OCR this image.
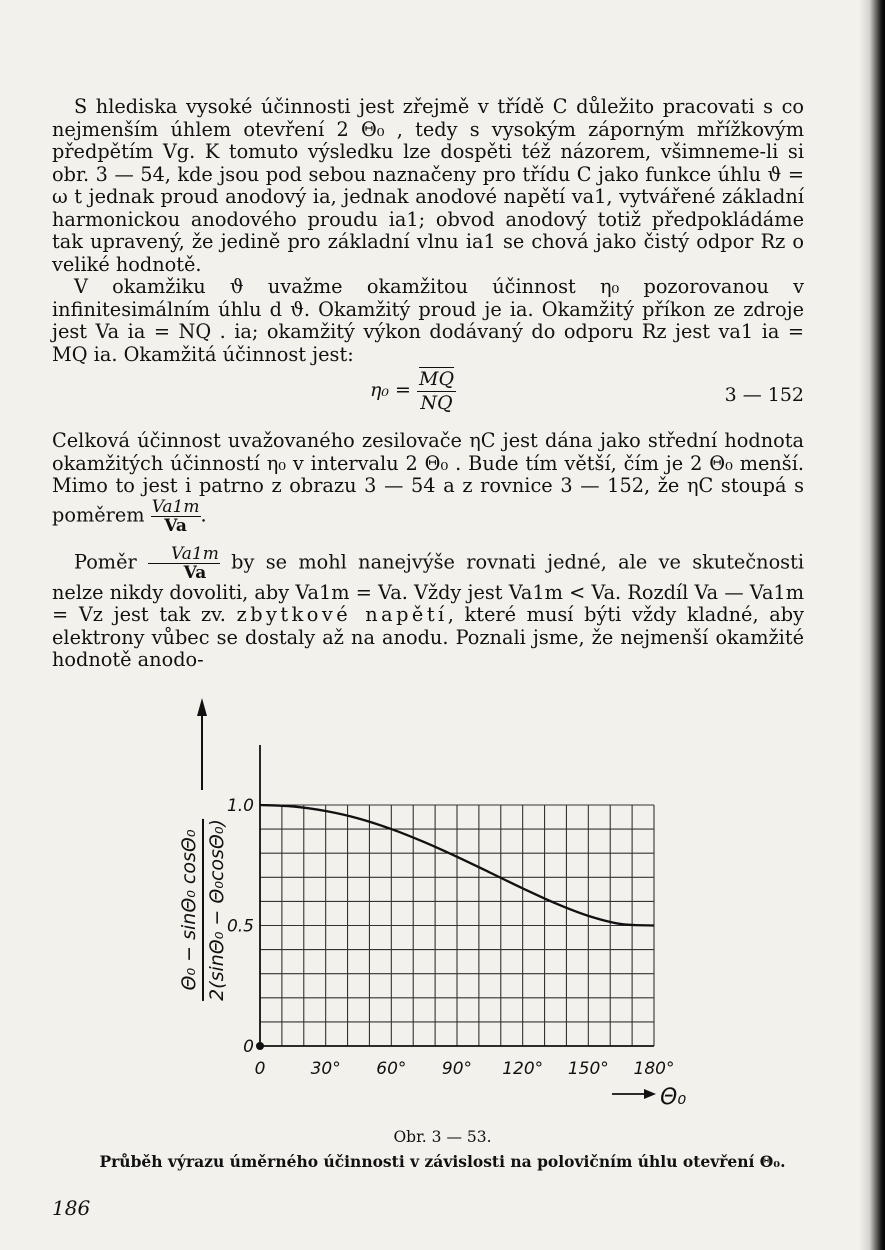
S hlediska vysoké účinnosti jest zřejmě v třídě C důležito pracovati s co nejmenším úhlem otevření 2 Θ₀ , tedy s vysokým záporným mřížkovým předpětím Vg. K tomuto výsledku lze dospěti též názorem, všimneme-li si obr. 3 — 54, kde jsou pod sebou naznačeny pro třídu C jako funkce úhlu ϑ = ω t jednak proud anodový ia, jednak anodové napětí va1, vytvářené základní harmonickou anodového proudu ia1; obvod anodový totiž předpokládáme tak upravený, že jedině pro základní vlnu ia1 se chová jako čistý odpor Rz o veliké hodnotě.

V okamžiku ϑ uvažme okamžitou účinnost η₀ pozorovanou v infinitesimálním úhlu d ϑ. Okamžitý proud je ia. Okamžitý příkon ze zdroje jest Va ia = NQ . ia; okamžitý výkon dodávaný do odporu Rz jest va1 ia = MQ ia. Okamžitá účinnost jest:

$\eta_0 = \frac{\overline{MQ}}{NQ}$	3 — 152

Celková účinnost uvažovaného zesilovače ηC jest dána jako střední hodnota okamžitých účinností η₀ v intervalu 2 Θ₀ . Bude tím větší, čím je 2 Θ₀ menší. Mimo to jest i patrno z obrazu 3 — 54 a z rovnice 3 — 152, že ηC stoupá s poměrem $\frac{Va1m}{Va}$ .

Poměr $\frac{Va1m}{Va}$ by se mohl nanejvýše rovnati jedné, ale ve skutečnosti nelze nikdy dovoliti, aby Va1m = Va. Vždy jest Va1m < Va. Rozdíl Va — Va1m = Vz jest tak zv. zbytkové napětí, které musí býti vždy kladné, aby elektrony vůbec se dostaly až na anodu. Poznali jsme, že nejmenší okamžité hodnotě anodo-

0	30° 60° 90° 120° 150° 180°
0
0.5
1.0
Θ₀
Θ₀ − sinΘ₀ cosΘ₀ 2(sinΘ₀ − Θ₀cosΘ₀)
Obr. 3 — 53.
Průběh výrazu úměrného účinnosti v závislosti na polovičním úhlu otevření Θ₀.
186
